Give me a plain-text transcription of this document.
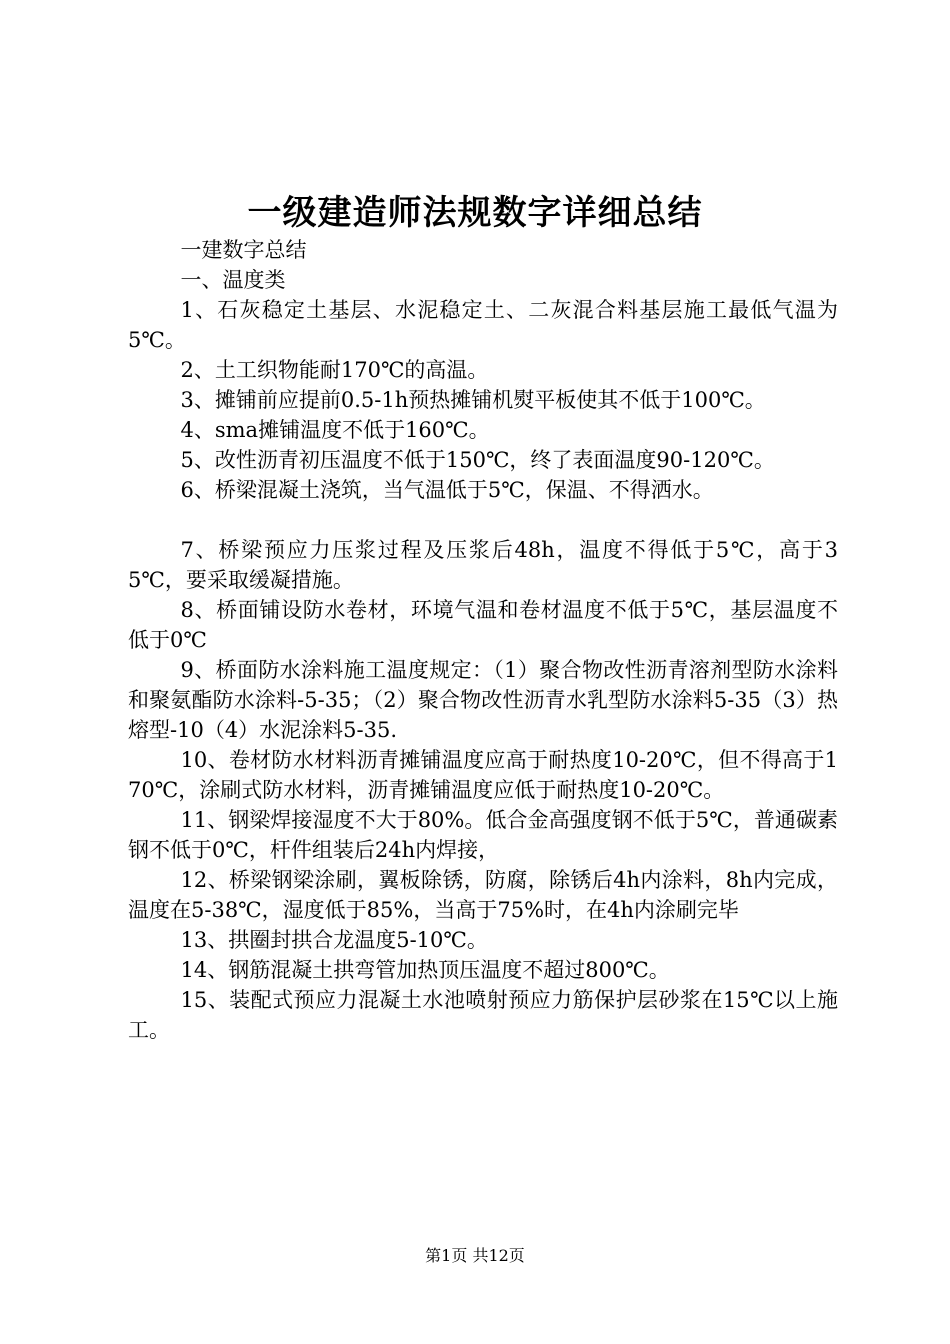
一级建造师法规数字详细总结

一建数字总结

一、温度类

1、石灰稳定土基层、水泥稳定土、二灰混合料基层施工最低气温为5℃。

2、土工织物能耐170℃的高温。

3、摊铺前应提前0.5-1h预热摊铺机熨平板使其不低于100℃。

4、sma摊铺温度不低于160℃。

5、改性沥青初压温度不低于150℃，终了表面温度90-120℃。

6、桥梁混凝土浇筑，当气温低于5℃，保温、不得洒水。

7、桥梁预应力压浆过程及压浆后48h，温度不得低于5℃，高于35℃，要采取缓凝措施。

8、桥面铺设防水卷材，环境气温和卷材温度不低于5℃，基层温度不低于0℃

9、桥面防水涂料施工温度规定：（1）聚合物改性沥青溶剂型防水涂料和聚氨酯防水涂料-5-35；（2）聚合物改性沥青水乳型防水涂料5-35（3）热熔型-10（4）水泥涂料5-35.

10、卷材防水材料沥青摊铺温度应高于耐热度10-20℃，但不得高于170℃，涂刷式防水材料，沥青摊铺温度应低于耐热度10-20℃。

11、钢梁焊接湿度不大于80%。低合金高强度钢不低于5℃，普通碳素钢不低于0℃，杆件组装后24h内焊接，

12、桥梁钢梁涂刷，翼板除锈，防腐，除锈后4h内涂料，8h内完成，温度在5-38℃，湿度低于85%，当高于75%时，在4h内涂刷完毕

13、拱圈封拱合龙温度5-10℃。

14、钢筋混凝土拱弯管加热顶压温度不超过800℃。

15、装配式预应力混凝土水池喷射预应力筋保护层砂浆在15℃以上施工。

第1页 共12页
